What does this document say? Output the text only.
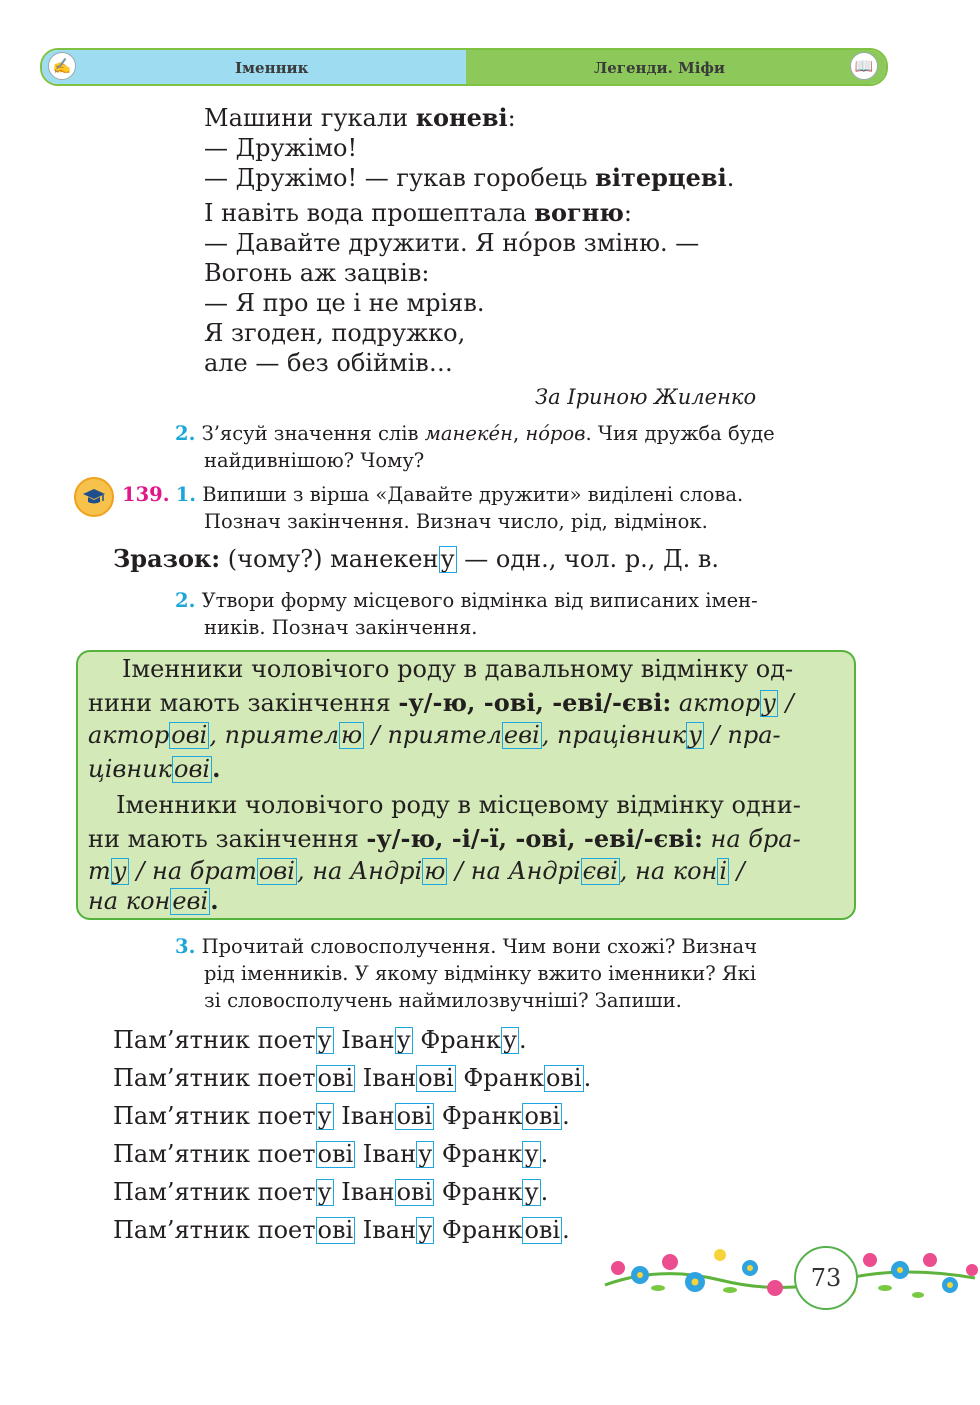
Іменник	Легенди. Міфи
✍	📖
Машини гукали коневі:
— Дружімо!
— Дружімо! — гукав горобець вітерцеві.
І навіть вода прошептала вогню:
— Давайте дружити. Я нóров зміню. —
Вогонь аж зацвів:
— Я про це і не мріяв.
Я згоден, подружко,
але — без обіймів…
За Іриною Жиленко
2. З’ясуй значення слів манекéн, нóров. Чия дружба буде
найдивнішою? Чому?
139. 1. Випиши з вірша «Давайте дружити» виділені слова.
Познач закінчення. Визнач число, рід, відмінок.
Зразок: (чому?) манекену — одн., чол. р., Д. в.
2. Утвори форму місцевого відмінка від виписаних імен-
ників. Познач закінчення.
Іменники чоловічого роду в давальному відмінку од-
нини мають закінчення -у/-ю, -ові, -еві/-єві: актору /
акторові, приятелю / приятелеві, працівнику / пра-
цівникові.
Іменники чоловічого роду в місцевому відмінку одни-
ни мають закінчення -у/-ю, -і/-ї, -ові, -еві/-єві: на бра-
ту / на братові, на Андрію / на Андрієві, на коні /
на коневі.
3. Прочитай словосполучення. Чим вони схожі? Визнач
рід іменників. У якому відмінку вжито іменники? Які
зі словосполучень наймилозвучніші? Запиши.
Пам’ятник поету Івану Франку.
Пам’ятник поетові Іванові Франкові.
Пам’ятник поету Іванові Франкові.
Пам’ятник поетові Івану Франку.
Пам’ятник поету Іванові Франку.
Пам’ятник поетові Івану Франкові.
73
